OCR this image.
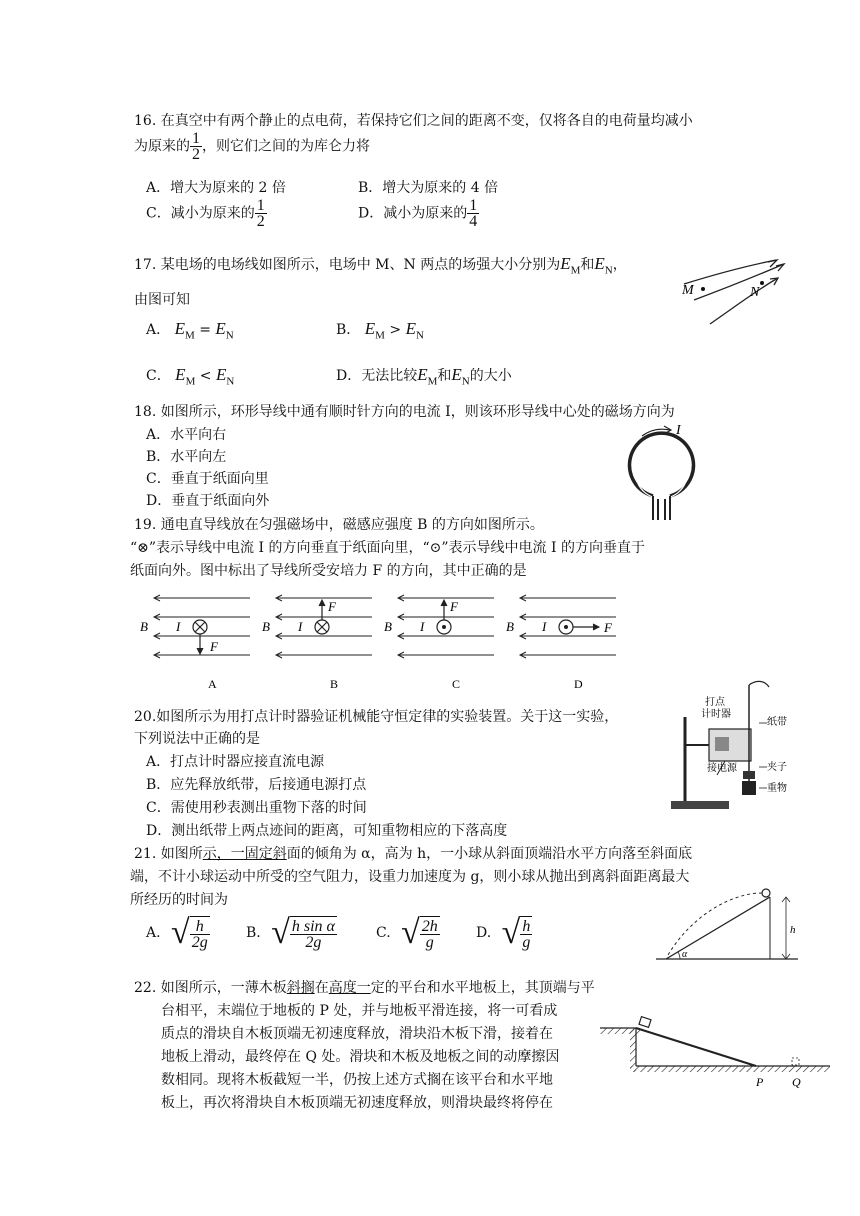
16. 在真空中有两个静止的点电荷，若保持它们之间的距离不变，仅将各自的电荷量均减小
为原来的 $\frac{1}{2}$ ，则它们之间的为库仑力将
A．增大为原来的 2 倍	B．增大为原来的 4 倍
C．减小为原来的 $\frac{1}{2}$	D．减小为原来的 $\frac{1}{4}$
17. 某电场的电场线如图所示，电场中 M、N 两点的场强大小分别为$E_M$和$E_N$，
由图可知
A． $E_M = E_N$	B． $E_M > E_N$
C． $E_M < E_N$	D．无法比较$E_M$和$E_N$的大小
M	N
18. 如图所示，环形导线中通有顺时针方向的电流 I，则该环形导线中心处的磁场方向为
A．水平向右
B．水平向左
C．垂直于纸面向里
D．垂直于纸面向外
I
19. 通电直导线放在匀强磁场中，磁感应强度 B 的方向如图所示。
“⊗”表示导线中电流 I 的方向垂直于纸面向里，“⊙”表示导线中电流 I 的方向垂直于
纸面向外。图中标出了导线所受安培力 F 的方向，其中正确的是
B I
F
A
B I
F
B
B I
F
C
B I	F
D
20.如图所示为用打点计时器验证机械能守恒定律的实验装置。关于这一实验，
下列说法中正确的是
A．打点计时器应接直流电源
B．应先释放纸带，后接通电源打点
C．需使用秒表测出重物下落的时间
D．测出纸带上两点迹间的距离，可知重物相应的下落高度
打点
计时器
纸带
接电源	夹子
重物
21. 如图所示，一固定斜面的倾角为 α，高为 h，一小球从斜面顶端沿水平方向落至斜面底
端，不计小球运动中所受的空气阻力，设重力加速度为 g，则小球从抛出到离斜面距离最大
所经历的时间为
A. √ $\frac{h}{2g}$	B. √ $\frac{\text{h sin α}}{2g}$	C. √ $\frac{2h}{g}$	D. √ $\frac{h}{g}$
α
h
22. 如图所示，一薄木板斜搁在高度一定的平台和水平地板上，其顶端与平
台相平，末端位于地板的 P 处，并与地板平滑连接，将一可看成
质点的滑块自木板顶端无初速度释放，滑块沿木板下滑，接着在
地板上滑动，最终停在 Q 处。滑块和木板及地板之间的动摩擦因
数相同。现将木板截短一半，仍按上述方式搁在该平台和水平地
板上，再次将滑块自木板顶端无初速度释放，则滑块最终将停在
P Q
